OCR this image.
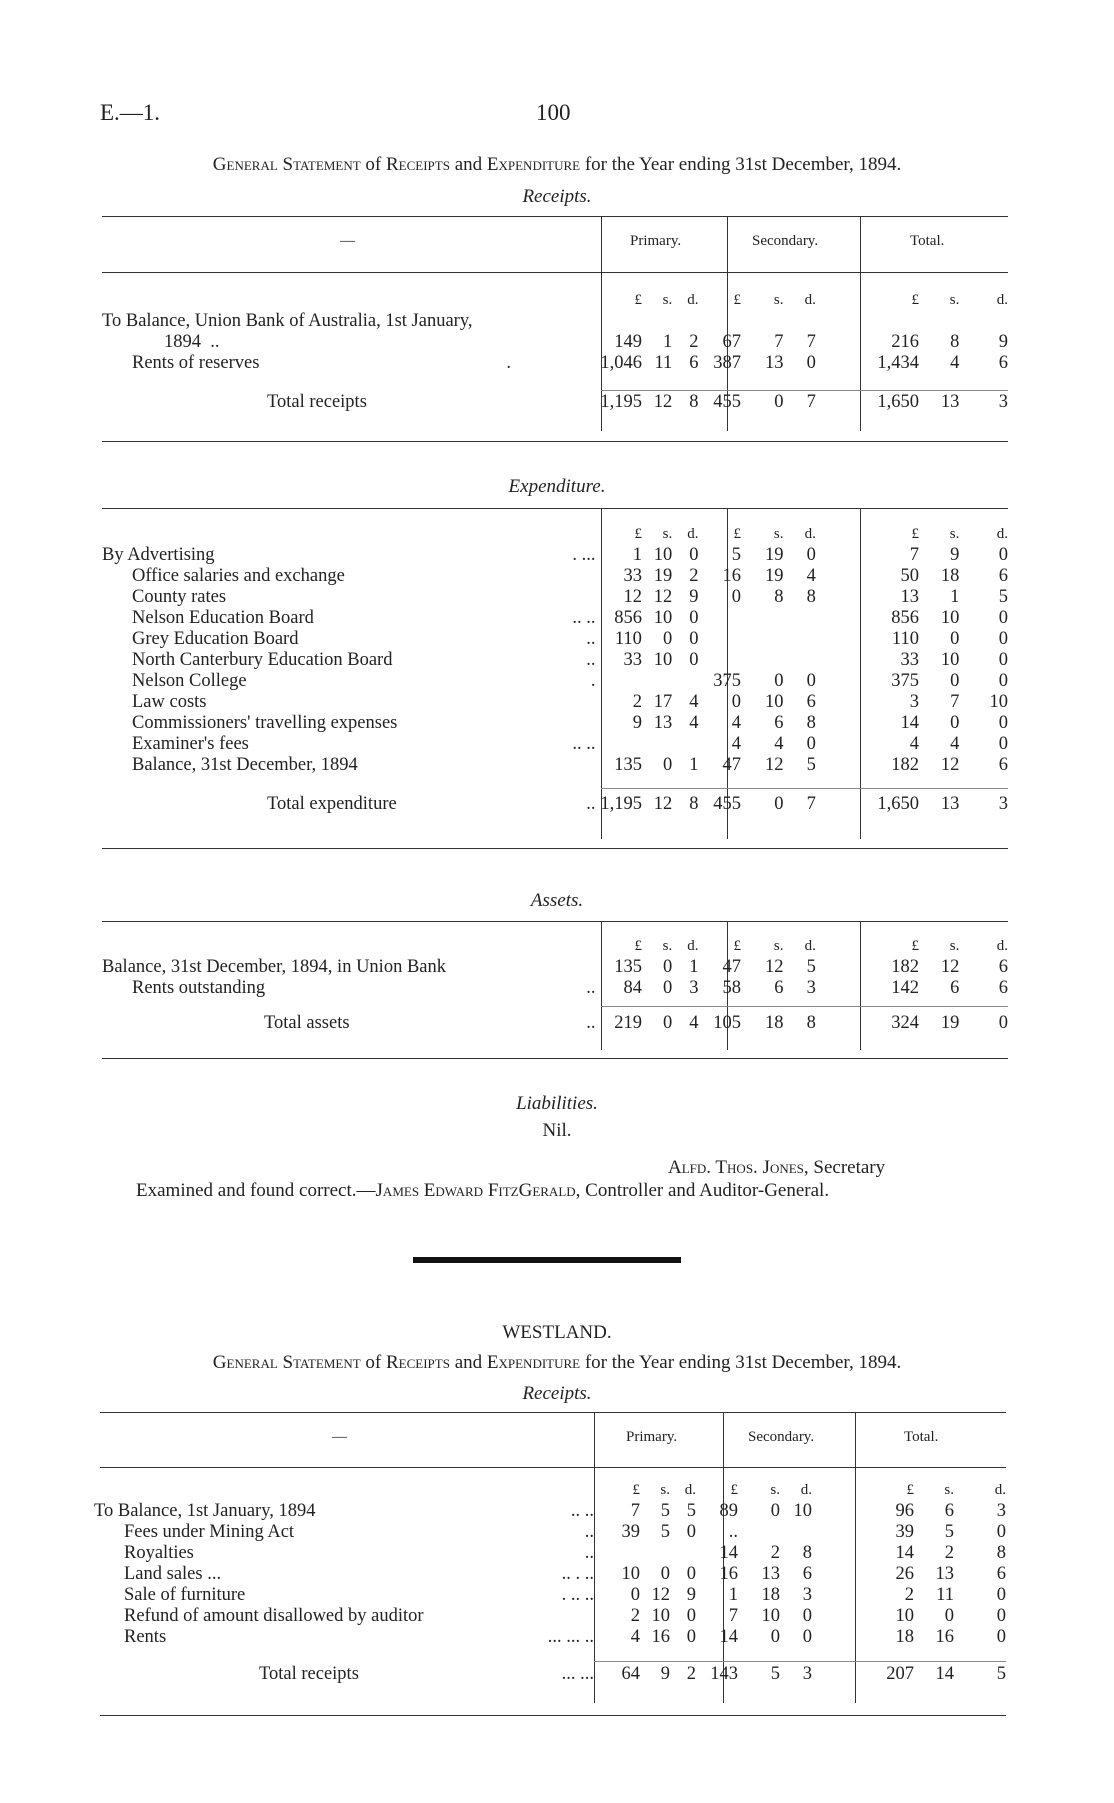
E.—1.	100
General Statement of Receipts and Expenditure for the Year ending 31st December, 1894.
Receipts.
—	Primary.	Secondary.	Total.
		£	s.	d.	£	s.	d.	£	s.	d.
To Balance, Union Bank of Australia, 1st January,										
1894 ..		149	1	2	67	7	7	216	8	9
Rents of reserves	.	1,046	11	6	387	13	0	1,434	4	6

Total receipts		1,195	12	8	455	0	7	1,650	13	3
Expenditure.
		£	s.	d.	£	s.	d.	£	s.	d.
By Advertising	. ...	1	10	0	5	19	0	7	9	0
Office salaries and exchange		33	19	2	16	19	4	50	18	6
County rates		12	12	9	0	8	8	13	1	5
Nelson Education Board	.. ..	856	10	0				856	10	0
Grey Education Board	..	110	0	0				110	0	0
North Canterbury Education Board	..	33	10	0				33	10	0
Nelson College	.				375	0	0	375	0	0
Law costs		2	17	4	0	10	6	3	7	10
Commissioners' travelling expenses		9	13	4	4	6	8	14	0	0
Examiner's fees	.. ..				4	4	0	4	4	0
Balance, 31st December, 1894		135	0	1	47	12	5	182	12	6

Total expenditure	..	1,195	12	8	455	0	7	1,650	13	3
Assets.
		£	s.	d.	£	s.	d.	£	s.	d.
Balance, 31st December, 1894, in Union Bank		135	0	1	47	12	5	182	12	6
Rents outstanding	..	84	0	3	58	6	3	142	6	6

Total assets	..	219	0	4	105	18	8	324	19	0
Liabilities.
Nil.
Alfd. Thos. Jones, Secretary
Examined and found correct.—James Edward FitzGerald, Controller and Auditor-General.
WESTLAND.
General Statement of Receipts and Expenditure for the Year ending 31st December, 1894.
Receipts.
—	Primary.	Secondary.	Total.
		£	s.	d.	£	s.	d.	£	s.	d.
To Balance, 1st January, 1894	.. ..	7	5	5	89	0	10	96	6	3
Fees under Mining Act	..	39	5	0	..			39	5	0
Royalties	..				14	2	8	14	2	8
Land sales ...	.. . ..	10	0	0	16	13	6	26	13	6
Sale of furniture	. .. ..	0	12	9	1	18	3	2	11	0
Refund of amount disallowed by auditor		2	10	0	7	10	0	10	0	0
Rents	... ... ..	4	16	0	14	0	0	18	16	0

Total receipts	... ...	64	9	2	143	5	3	207	14	5
